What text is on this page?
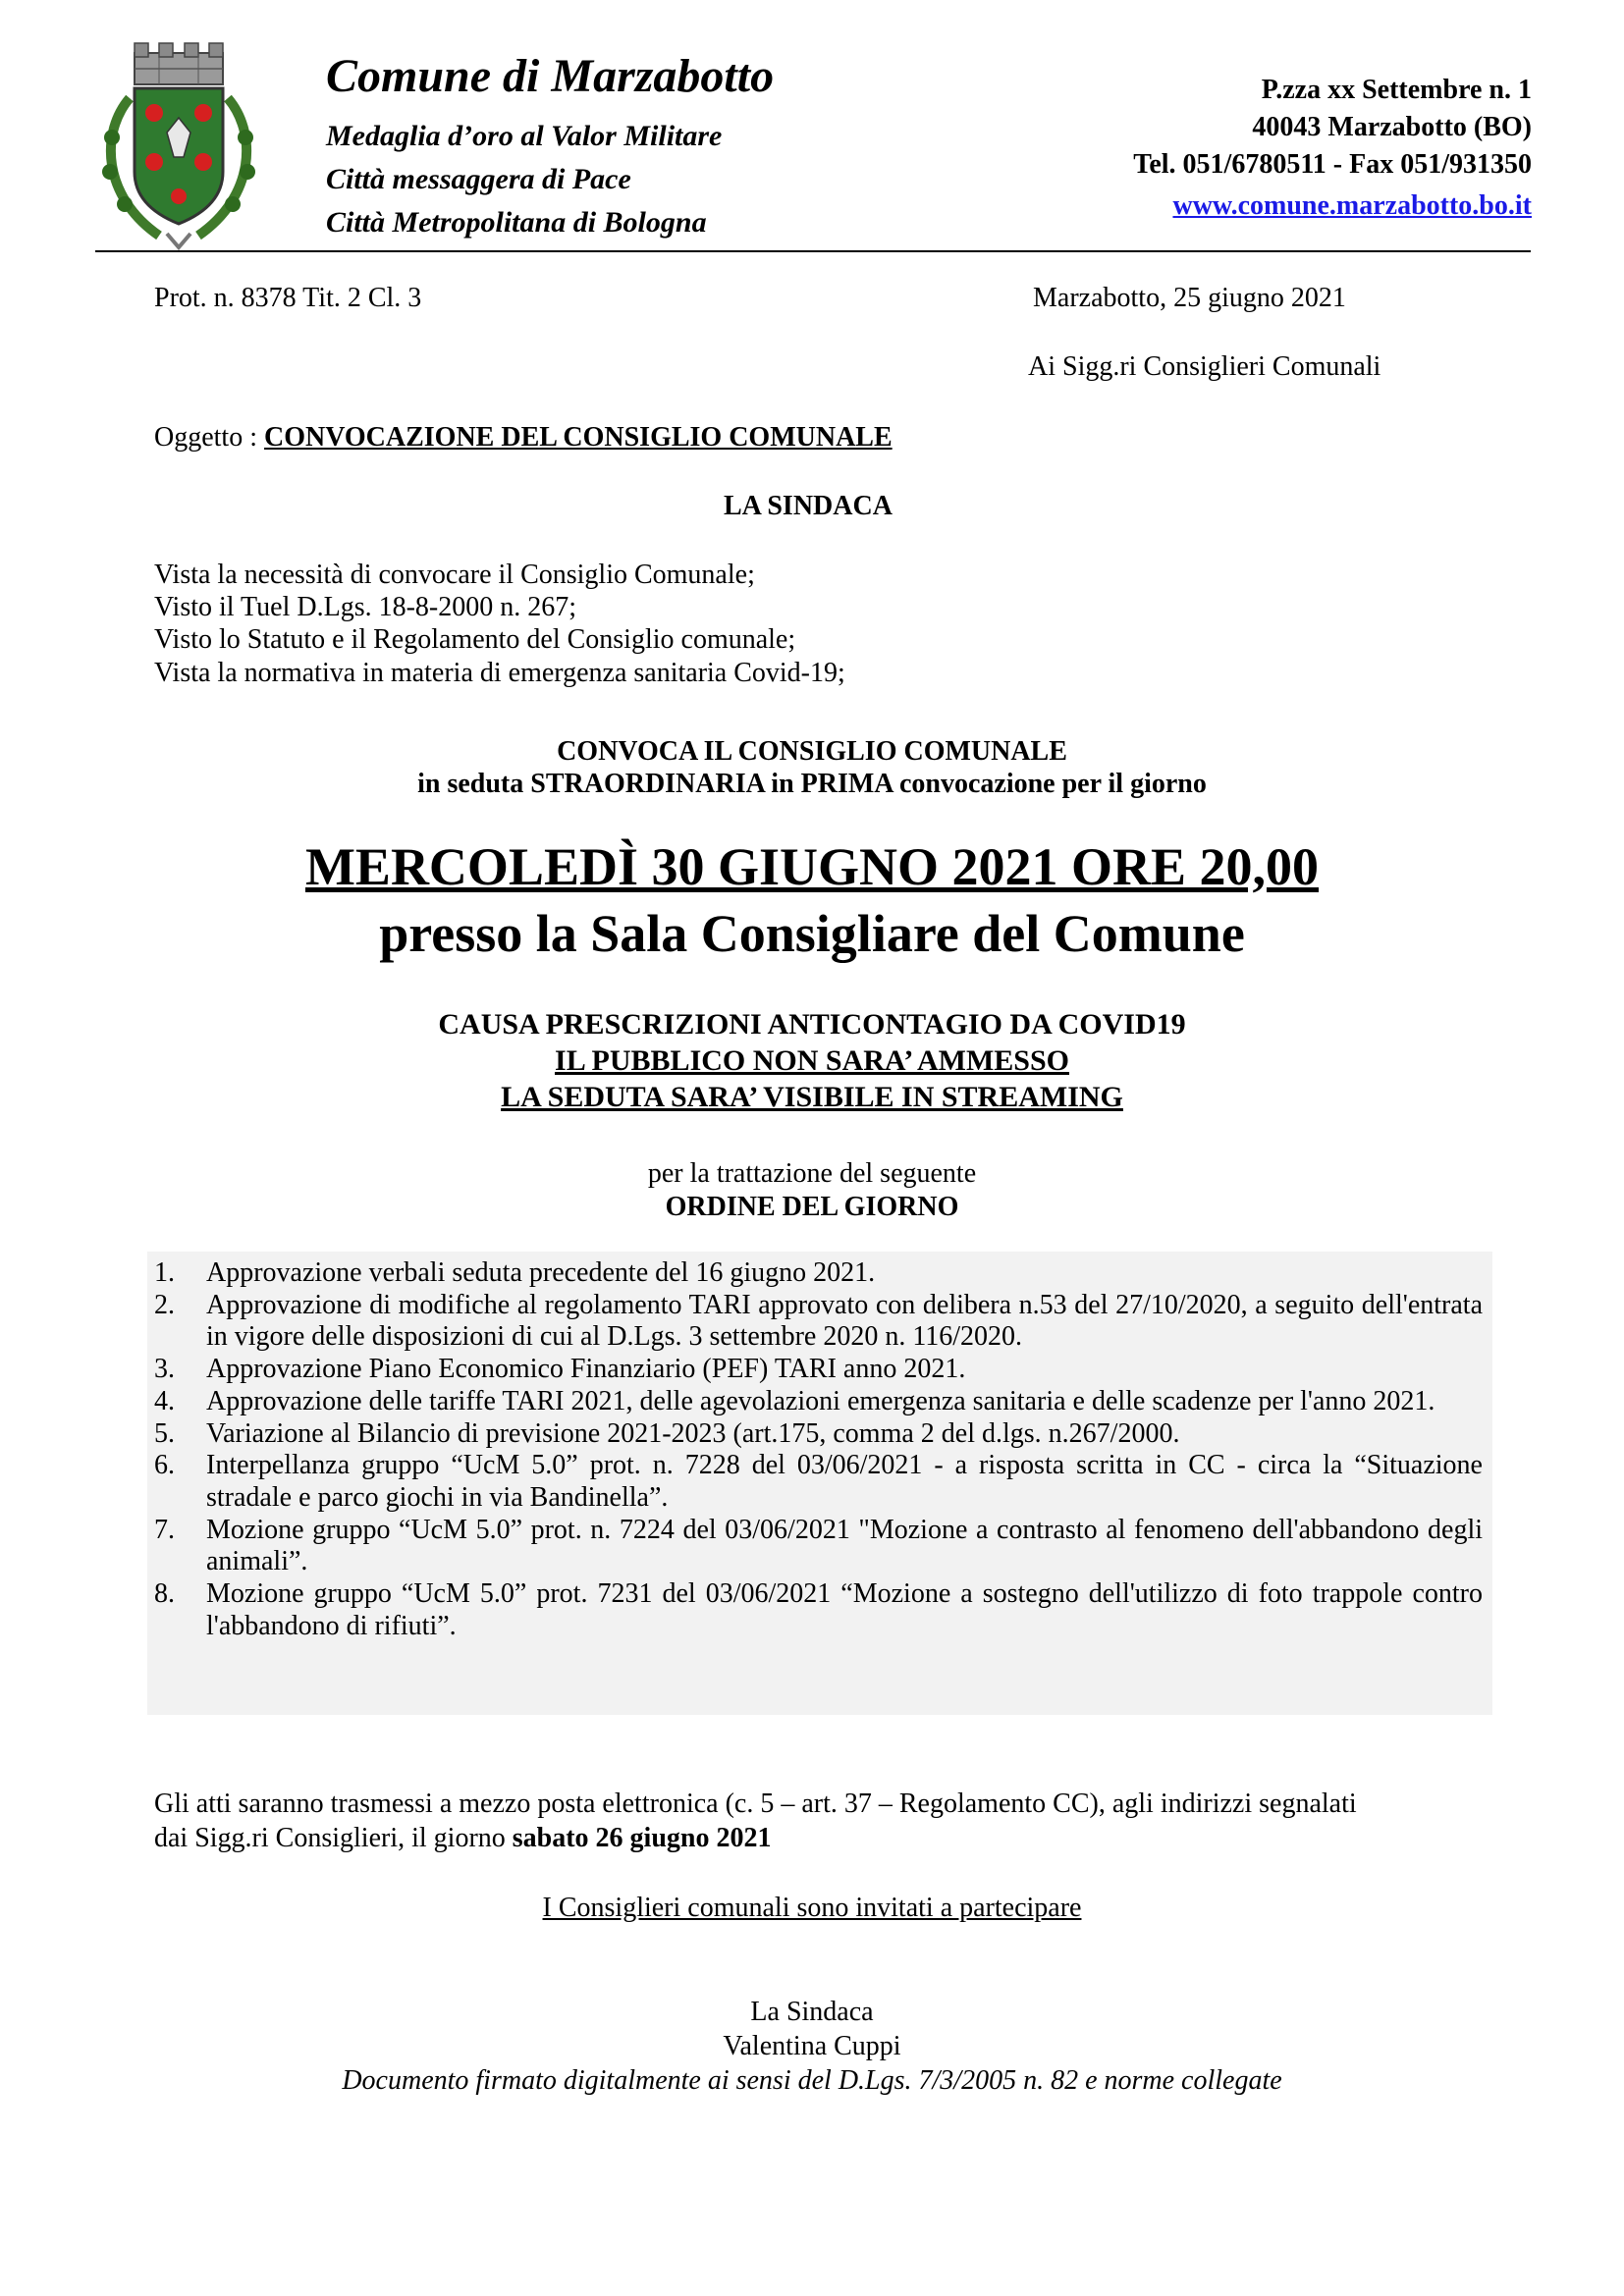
Comune di Marzabotto
Medaglia d’oro al Valor Militare
Città messaggera di Pace
Città Metropolitana di Bologna
P.zza xx Settembre n. 1
40043 Marzabotto (BO)
Tel. 051/6780511 - Fax 051/931350
www.comune.marzabotto.bo.it
Prot. n. 8378 Tit. 2 Cl. 3	Marzabotto, 25 giugno 2021
Ai Sigg.ri Consiglieri Comunali
Oggetto : CONVOCAZIONE DEL CONSIGLIO COMUNALE
LA SINDACA
Vista la necessità di convocare il Consiglio Comunale;
Visto il Tuel D.Lgs. 18-8-2000 n. 267;
Visto lo Statuto e il Regolamento del Consiglio comunale;
Vista la normativa in materia di emergenza sanitaria Covid-19;
CONVOCA IL CONSIGLIO COMUNALE
in seduta STRAORDINARIA in PRIMA convocazione per il giorno
MERCOLEDÌ 30 GIUGNO 2021 ORE 20,00
presso la Sala Consigliare del Comune
CAUSA PRESCRIZIONI ANTICONTAGIO DA COVID19
IL PUBBLICO NON SARA’ AMMESSO
LA SEDUTA SARA’ VISIBILE IN STREAMING
per la trattazione del seguente
ORDINE DEL GIORNO
1. Approvazione verbali seduta precedente del 16 giugno 2021.
2. Approvazione di modifiche al regolamento TARI approvato con delibera n.53 del 27/10/2020, a seguito dell'entrata in vigore delle disposizioni di cui al D.Lgs. 3 settembre 2020 n. 116/2020.
3. Approvazione Piano Economico Finanziario (PEF) TARI anno 2021.
4. Approvazione delle tariffe TARI 2021, delle agevolazioni emergenza sanitaria e delle scadenze per l'anno 2021.
5. Variazione al Bilancio di previsione 2021-2023 (art.175, comma 2 del d.lgs. n.267/2000.
6. Interpellanza gruppo “UcM 5.0” prot. n. 7228 del 03/06/2021 - a risposta scritta in CC - circa la “Situazione stradale e parco giochi in via Bandinella”.
7. Mozione gruppo “UcM 5.0” prot. n. 7224 del 03/06/2021 "Mozione a contrasto al fenomeno dell'abbandono degli animali”.
8. Mozione gruppo “UcM 5.0” prot. 7231 del 03/06/2021 “Mozione a sostegno dell'utilizzo di foto trappole contro l'abbandono di rifiuti”.
Gli atti saranno trasmessi a mezzo posta elettronica (c. 5 – art. 37 – Regolamento CC), agli indirizzi segnalati
dai Sigg.ri Consiglieri, il giorno sabato 26 giugno 2021
I Consiglieri comunali sono invitati a partecipare
La Sindaca
Valentina Cuppi
Documento firmato digitalmente ai sensi del D.Lgs. 7/3/2005 n. 82 e norme collegate
